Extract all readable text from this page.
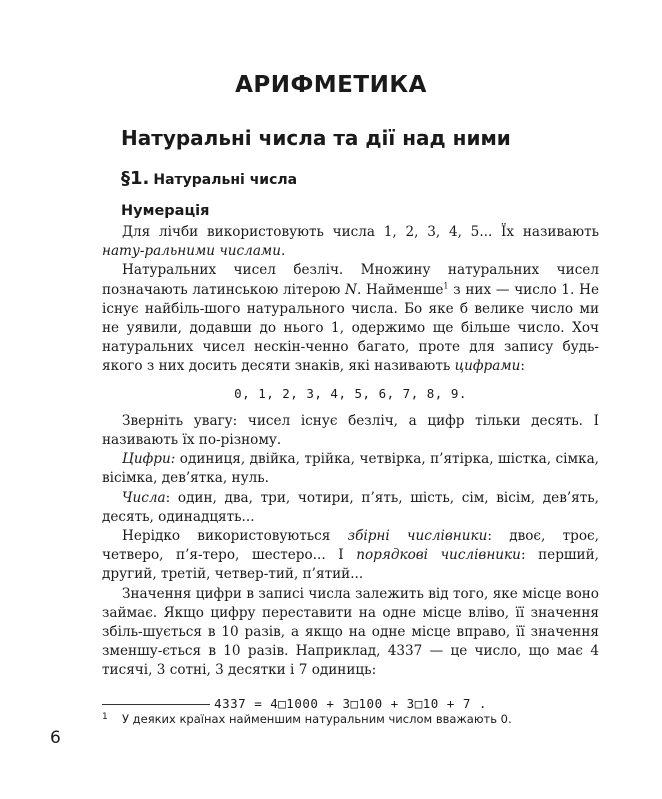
АРИФМЕТИКА
Натуральні числа та дії над ними
§1. Натуральні числа
Нумерація

Для лічби використовують числа 1, 2, 3, 4, 5... Їх називають нату-ральними числами.

Натуральних чисел безліч. Множину натуральних чисел позначають латинською літерою N. Найменше$^1$ з них — число 1. Не існує найбіль-шого натурального числа. Бо яке б велике число ми не уявили, додавши до нього 1, одержимо ще більше число. Хоч натуральних чисел нескін-ченно багато, проте для запису будь-якого з них досить десяти знаків, які називають цифрами:

0, 1, 2, 3, 4, 5, 6, 7, 8, 9.

Зверніть увагу: чисел існує безліч, а цифр тільки десять. І називають їх по-різному.

Цифри: одиниця, двійка, трійка, четвірка, п’ятірка, шістка, сімка, вісімка, дев’ятка, нуль.

Числа: один, два, три, чотири, п’ять, шість, сім, вісім, дев’ять, десять, одинадцять...

Нерідко використовуються збірні числівники: двоє, троє, четверо, п’я-теро, шестеро... І порядкові числівники: перший, другий, третій, четвер-тий, п’ятий...

Значення цифри в записі числа залежить від того, яке місце воно займає. Якщо цифру переставити на одне місце вліво, її значення збіль-шується в 10 разів, а якщо на одне місце вправо, її значення зменшу-ється в 10 разів. Наприклад, 4337 — це число, що має 4 тисячі, 3 сотні, 3 десятки і 7 одиниць:

4337 = 4□1000 + 3□100 + 3□10 + 7 .

1 У деяких країнах найменшим натуральним числом вважають 0.
6
